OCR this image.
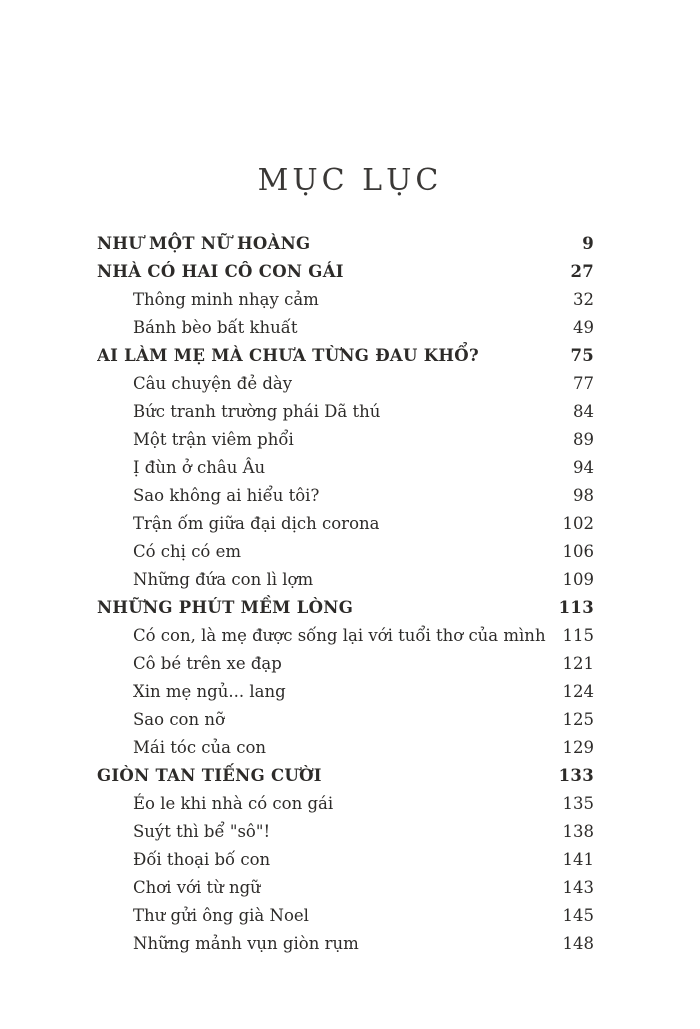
MỤC LỤC
NHƯ MỘT NỮ HOÀNG	9
NHÀ CÓ HAI CÔ CON GÁI	27
Thông minh nhạy cảm	32
Bánh bèo bất khuất	49
AI LÀM MẸ MÀ CHƯA TỪNG ĐAU KHỔ?	75
Câu chuyện đẻ dày	77
Bức tranh trường phái Dã thú	84
Một trận viêm phổi	89
Ị đùn ở châu Âu	94
Sao không ai hiểu tôi?	98
Trận ốm giữa đại dịch corona	102
Có chị có em	106
Những đứa con lì lợm	109
NHỮNG PHÚT MỀM LÒNG	113
Có con, là mẹ được sống lại với tuổi thơ của mình 115
Cô bé trên xe đạp	121
Xin mẹ ngủ... lang	124
Sao con nỡ	125
Mái tóc của con	129
GIÒN TAN TIẾNG CƯỜI	133
Éo le khi nhà có con gái	135
Suýt thì bể "sô"!	138
Đối thoại bố con	141
Chơi với từ ngữ	143
Thư gửi ông già Noel	145
Những mảnh vụn giòn rụm	148
